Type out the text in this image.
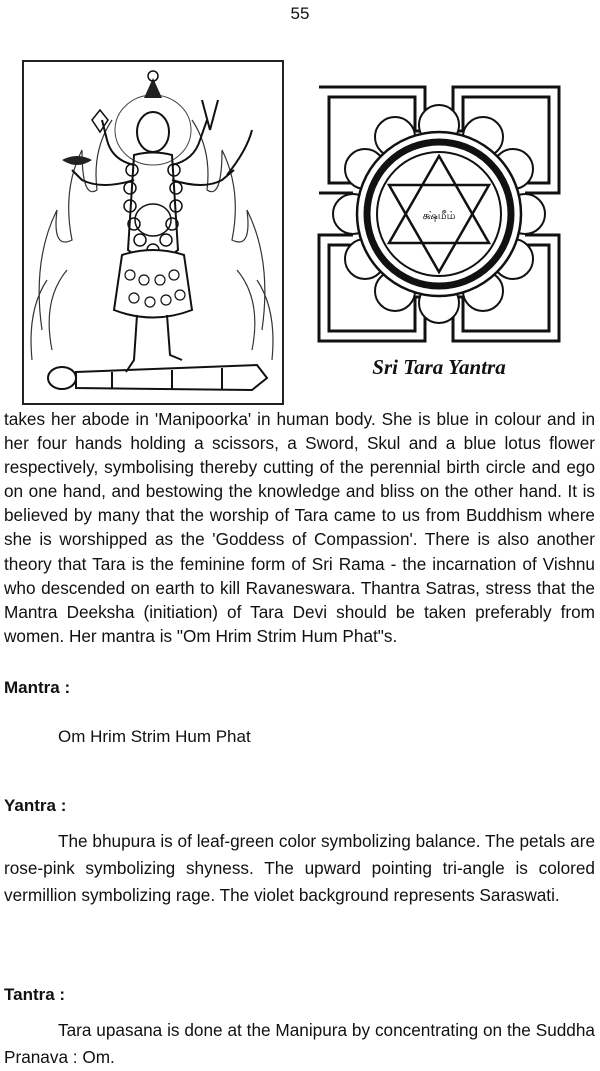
55
க்ஷ்மீம்
Sri Tara Yantra

takes her abode in 'Manipoorka' in human body. She is blue in colour and in her four hands holding a scissors, a Sword, Skul and a blue lotus flower respectively, symbolising thereby cutting of the perennial birth circle and ego on one hand, and bestowing the knowledge and bliss on the other hand. It is believed by many that the worship of Tara came to us from Buddhism where she is worshipped as the 'Goddess of Compassion'. There is also another theory that Tara is the feminine form of Sri Rama - the incarnation of Vishnu who descended on earth to kill Ravaneswara. Thantra Satras, stress that the Mantra Deeksha (initiation) of Tara Devi should be taken preferably from women. Her mantra is "Om Hrim Strim Hum Phat"s.

Mantra :

Om Hrim Strim Hum Phat

Yantra :

The bhupura is of leaf-green color symbolizing balance. The petals are rose-pink symbolizing shyness. The upward pointing tri-angle is colored vermillion symbolizing rage. The violet background represents Saraswati.

Tantra :

Tara upasana is done at the Manipura by concentrating on the Suddha Pranava : Om.
